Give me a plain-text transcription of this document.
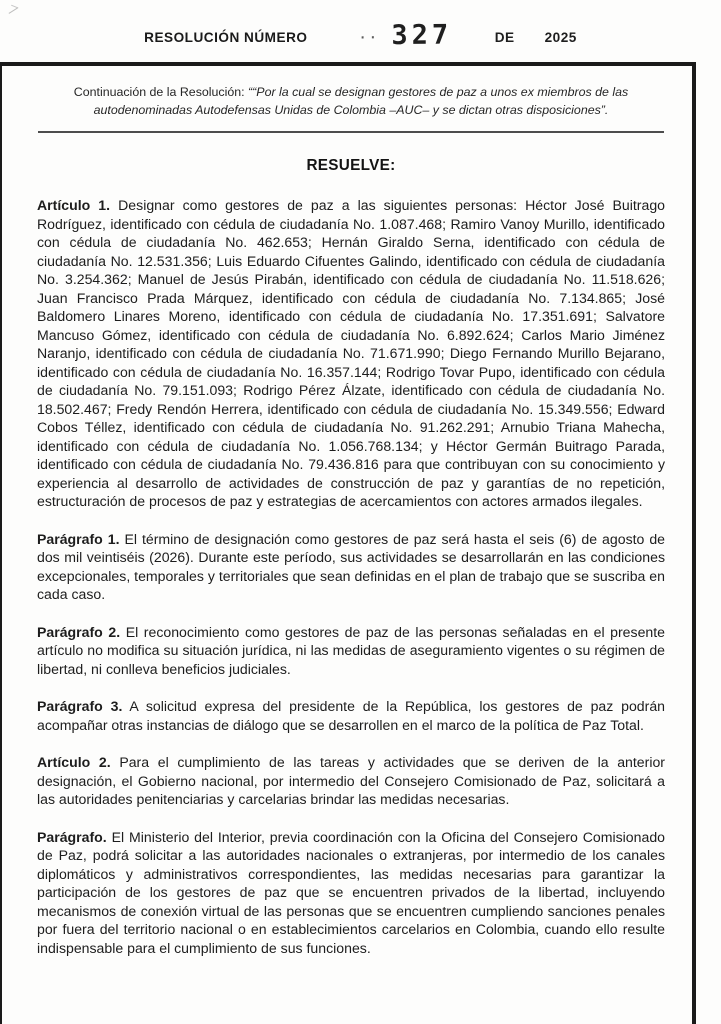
RESOLUCIÓN NÚMERO	.. 327	DE 2025

Continuación de la Resolución: ““Por la cual se designan gestores de paz a unos ex miembros de las autodenominadas Autodefensas Unidas de Colombia –AUC– y se dictan otras disposiciones”.

RESUELVE:

Artículo 1. Designar como gestores de paz a las siguientes personas: Héctor José Buitrago Rodríguez, identificado con cédula de ciudadanía No. 1.087.468; Ramiro Vanoy Murillo, identificado con cédula de ciudadanía No. 462.653; Hernán Giraldo Serna, identificado con cédula de ciudadanía No. 12.531.356; Luis Eduardo Cifuentes Galindo, identificado con cédula de ciudadanía No. 3.254.362; Manuel de Jesús Pirabán, identificado con cédula de ciudadanía No. 11.518.626; Juan Francisco Prada Márquez, identificado con cédula de ciudadanía No. 7.134.865; José Baldomero Linares Moreno, identificado con cédula de ciudadanía No. 17.351.691; Salvatore Mancuso Gómez, identificado con cédula de ciudadanía No. 6.892.624; Carlos Mario Jiménez Naranjo, identificado con cédula de ciudadanía No. 71.671.990; Diego Fernando Murillo Bejarano, identificado con cédula de ciudadanía No. 16.357.144; Rodrigo Tovar Pupo, identificado con cédula de ciudadanía No. 79.151.093; Rodrigo Pérez Álzate, identificado con cédula de ciudadanía No. 18.502.467; Fredy Rendón Herrera, identificado con cédula de ciudadanía No. 15.349.556; Edward Cobos Téllez, identificado con cédula de ciudadanía No. 91.262.291; Arnubio Triana Mahecha, identificado con cédula de ciudadanía No. 1.056.768.134; y Héctor Germán Buitrago Parada, identificado con cédula de ciudadanía No. 79.436.816 para que contribuyan con su conocimiento y experiencia al desarrollo de actividades de construcción de paz y garantías de no repetición, estructuración de procesos de paz y estrategias de acercamientos con actores armados ilegales.

Parágrafo 1. El término de designación como gestores de paz será hasta el seis (6) de agosto de dos mil veintiséis (2026). Durante este período, sus actividades se desarrollarán en las condiciones excepcionales, temporales y territoriales que sean definidas en el plan de trabajo que se suscriba en cada caso.

Parágrafo 2. El reconocimiento como gestores de paz de las personas señaladas en el presente artículo no modifica su situación jurídica, ni las medidas de aseguramiento vigentes o su régimen de libertad, ni conlleva beneficios judiciales.

Parágrafo 3. A solicitud expresa del presidente de la República, los gestores de paz podrán acompañar otras instancias de diálogo que se desarrollen en el marco de la política de Paz Total.

Artículo 2. Para el cumplimiento de las tareas y actividades que se deriven de la anterior designación, el Gobierno nacional, por intermedio del Consejero Comisionado de Paz, solicitará a las autoridades penitenciarias y carcelarias brindar las medidas necesarias.

Parágrafo. El Ministerio del Interior, previa coordinación con la Oficina del Consejero Comisionado de Paz, podrá solicitar a las autoridades nacionales o extranjeras, por intermedio de los canales diplomáticos y administrativos correspondientes, las medidas necesarias para garantizar la participación de los gestores de paz que se encuentren privados de la libertad, incluyendo mecanismos de conexión virtual de las personas que se encuentren cumpliendo sanciones penales por fuera del territorio nacional o en establecimientos carcelarios en Colombia, cuando ello resulte indispensable para el cumplimiento de sus funciones.
